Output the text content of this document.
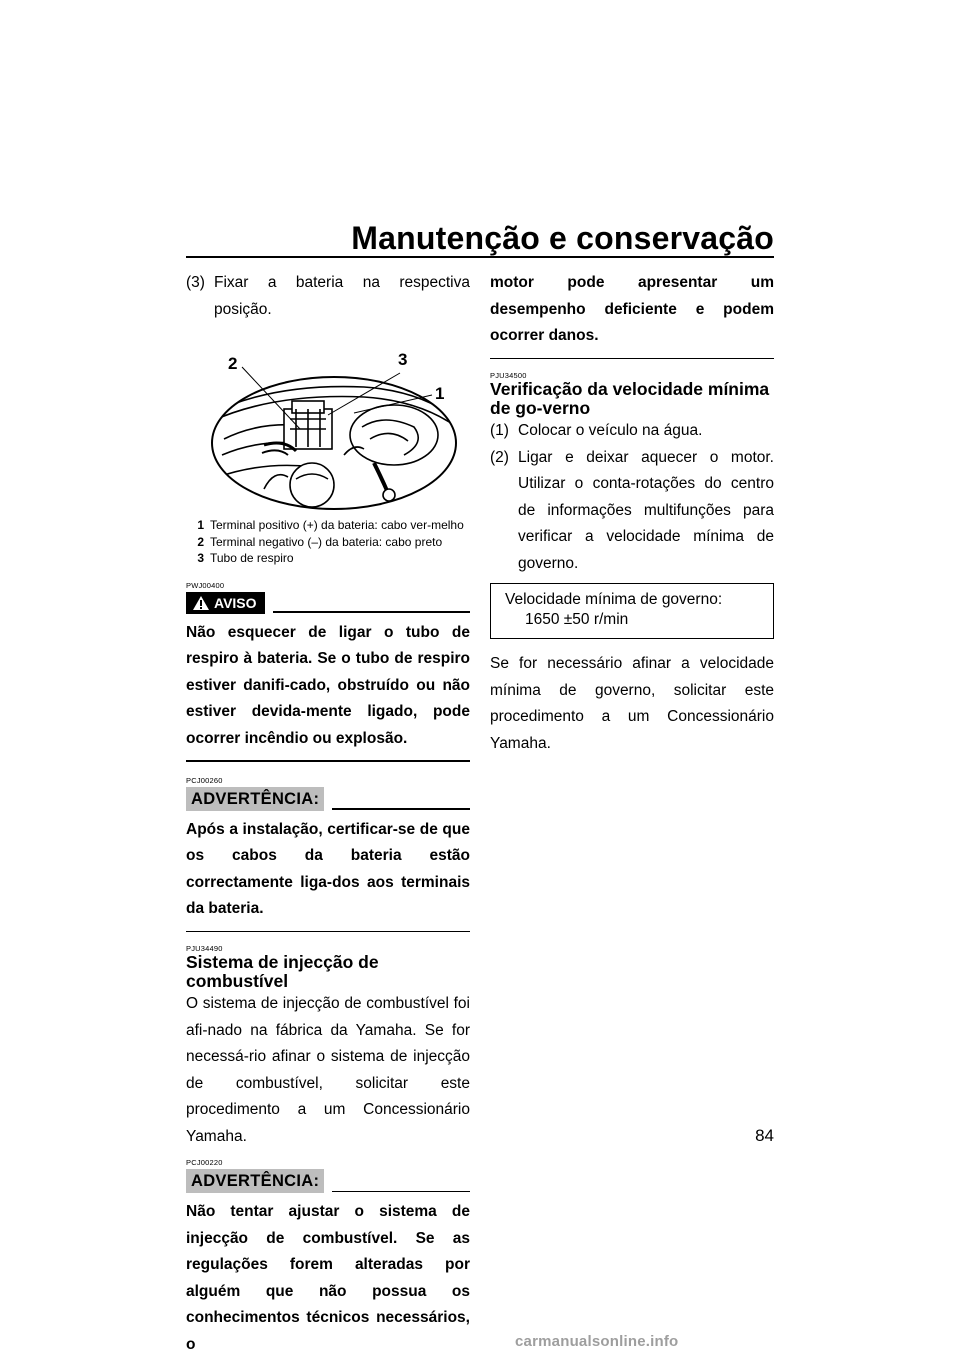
Manutenção e conservação
(3) Fixar a bateria na respectiva posição.
2	3
1
1 Terminal positivo (+) da bateria: cabo ver-melho
2 Terminal negativo (–) da bateria: cabo preto
3 Tubo de respiro
PWJ00400
AVISO

Não esquecer de ligar o tubo de respiro à bateria. Se o tubo de respiro estiver danifi-cado, obstruído ou não estiver devida-mente ligado, pode ocorrer incêndio ou explosão.

PCJ00260
ADVERTÊNCIA:

Após a instalação, certificar-se de que os cabos da bateria estão correctamente liga-dos aos terminais da bateria.

PJU34490
Sistema de injecção de combustível

O sistema de injecção de combustível foi afi-nado na fábrica da Yamaha. Se for necessá-rio afinar o sistema de injecção de combustível, solicitar este procedimento a um Concessionário Yamaha.

PCJ00220
ADVERTÊNCIA:

Não tentar ajustar o sistema de injecção de combustível. Se as regulações forem alteradas por alguém que não possua os conhecimentos técnicos necessários, o

motor pode apresentar um desempenho deficiente e podem ocorrer danos.

PJU34500
Verificação da velocidade mínima de go-verno
(1) Colocar o veículo na água.
(2) Ligar e deixar aquecer o motor. Utilizar o conta-rotações do centro de informações multifunções para verificar a velocidade mínima de governo.
Velocidade mínima de governo:
1650 ±50 r/min

Se for necessário afinar a velocidade mínima de governo, solicitar este procedimento a um Concessionário Yamaha.

84
carmanualsonline.info
